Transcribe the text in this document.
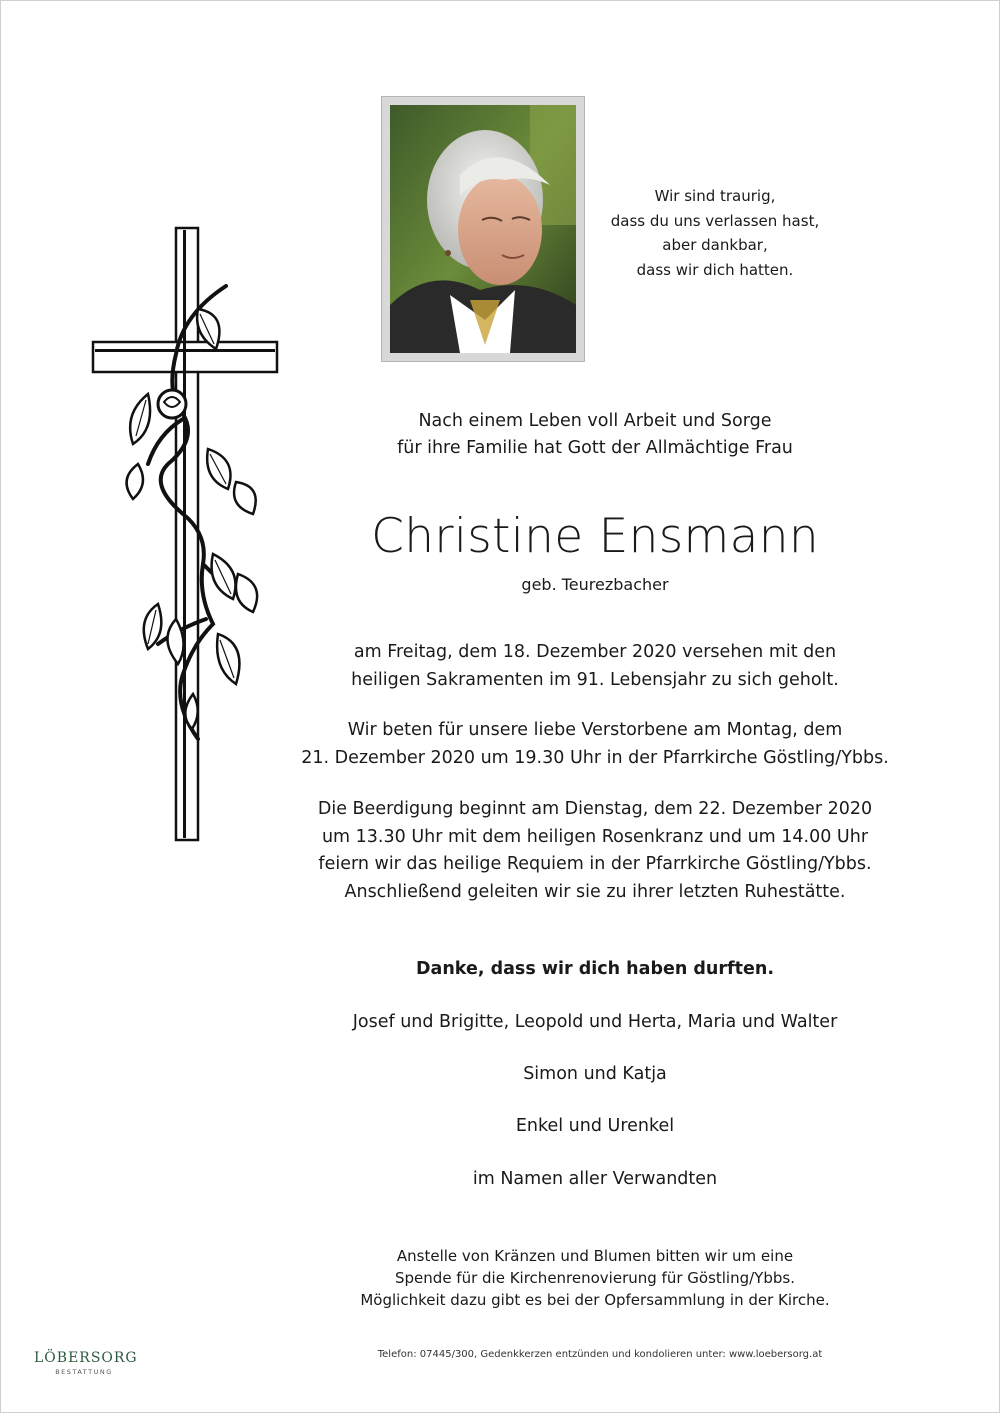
Wir sind traurig,
dass du uns verlassen hast,
aber dankbar,
dass wir dich hatten.
Nach einem Leben voll Arbeit und Sorge
für ihre Familie hat Gott der Allmächtige Frau
Christine Ensmann
geb. Teurezbacher
am Freitag, dem 18. Dezember 2020 versehen mit den
heiligen Sakramenten im 91. Lebensjahr zu sich geholt.
Wir beten für unsere liebe Verstorbene am Montag, dem
21. Dezember 2020 um 19.30 Uhr in der Pfarrkirche Göstling/Ybbs.
Die Beerdigung beginnt am Dienstag, dem 22. Dezember 2020
um 13.30 Uhr mit dem heiligen Rosenkranz und um 14.00 Uhr
feiern wir das heilige Requiem in der Pfarrkirche Göstling/Ybbs.
Anschließend geleiten wir sie zu ihrer letzten Ruhestätte.
Danke, dass wir dich haben durften.
Josef und Brigitte, Leopold und Herta, Maria und Walter
Simon und Katja
Enkel und Urenkel
im Namen aller Verwandten
Anstelle von Kränzen und Blumen bitten wir um eine
Spende für die Kirchenrenovierung für Göstling/Ybbs.
Möglichkeit dazu gibt es bei der Opfersammlung in der Kirche.
LÖBERSORG
BESTATTUNG
Telefon: 07445/300, Gedenkkerzen entzünden und kondolieren unter: www.loebersorg.at
